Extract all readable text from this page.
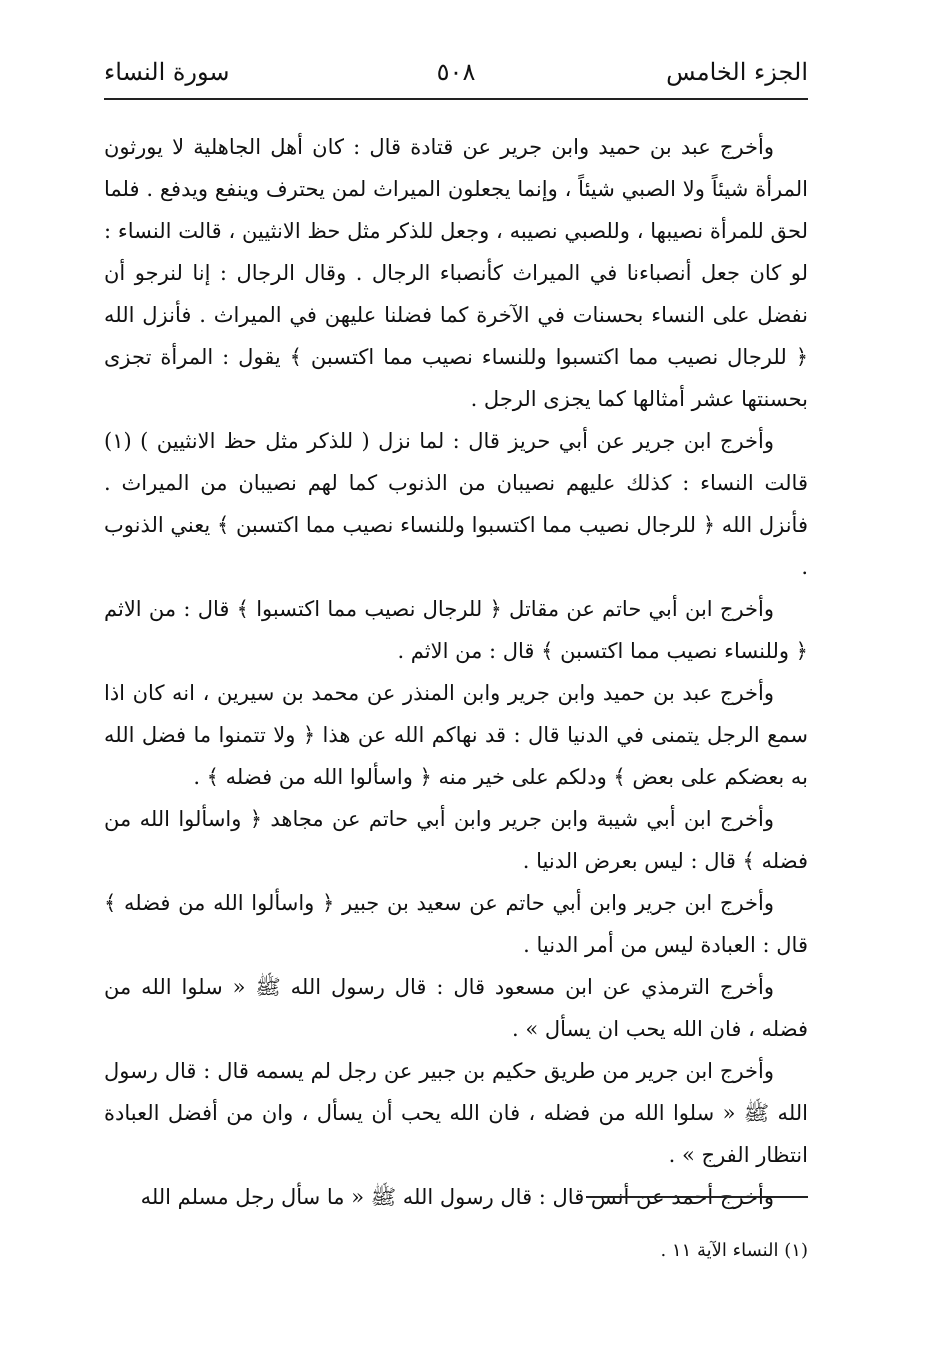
الجزء الخامس
٥٠٨
سورة النساء

وأخرج عبد بن حميد وابن جرير عن قتادة قال : كان أهل الجاهلية لا يورثون المرأة شيئاً ولا الصبي شيئاً ، وإنما يجعلون الميراث لمن يحترف وينفع ويدفع . فلما لحق للمرأة نصيبها ، وللصبي نصيبه ، وجعل للذكر مثل حظ الانثيين ، قالت النساء : لو كان جعل أنصباءنا في الميراث كأنصباء الرجال . وقال الرجال : إنا لنرجو أن نفضل على النساء بحسنات في الآخرة كما فضلنا عليهن في الميراث . فأنزل الله ﴿ للرجال نصيب مما اكتسبوا وللنساء نصيب مما اكتسبن ﴾ يقول : المرأة تجزى بحسنتها عشر أمثالها كما يجزى الرجل .

وأخرج ابن جرير عن أبي حريز قال : لما نزل ( للذكر مثل حظ الانثيين ) (١) قالت النساء : كذلك عليهم نصيبان من الذنوب كما لهم نصيبان من الميراث . فأنزل الله ﴿ للرجال نصيب مما اكتسبوا وللنساء نصيب مما اكتسبن ﴾ يعني الذنوب .

وأخرج ابن أبي حاتم عن مقاتل ﴿ للرجال نصيب مما اكتسبوا ﴾ قال : من الاثم ﴿ وللنساء نصيب مما اكتسبن ﴾ قال : من الاثم .

وأخرج عبد بن حميد وابن جرير وابن المنذر عن محمد بن سيرين ، انه كان اذا سمع الرجل يتمنى في الدنيا قال : قد نهاكم الله عن هذا ﴿ ولا تتمنوا ما فضل الله به بعضكم على بعض ﴾ ودلكم على خير منه ﴿ واسألوا الله من فضله ﴾ .

وأخرج ابن أبي شيبة وابن جرير وابن أبي حاتم عن مجاهد ﴿ واسألوا الله من فضله ﴾ قال : ليس بعرض الدنيا .

وأخرج ابن جرير وابن أبي حاتم عن سعيد بن جبير ﴿ واسألوا الله من فضله ﴾ قال : العبادة ليس من أمر الدنيا .

وأخرج الترمذي عن ابن مسعود قال : قال رسول الله ﷺ « سلوا الله من فضله ، فان الله يحب ان يسأل » .

وأخرج ابن جرير من طريق حكيم بن جبير عن رجل لم يسمه قال : قال رسول الله ﷺ « سلوا الله من فضله ، فان الله يحب أن يسأل ، وان من أفضل العبادة انتظار الفرج » .

وأخرج أحمد عن أنس قال : قال رسول الله ﷺ « ما سأل رجل مسلم الله

(١) النساء الآية ١١ .
